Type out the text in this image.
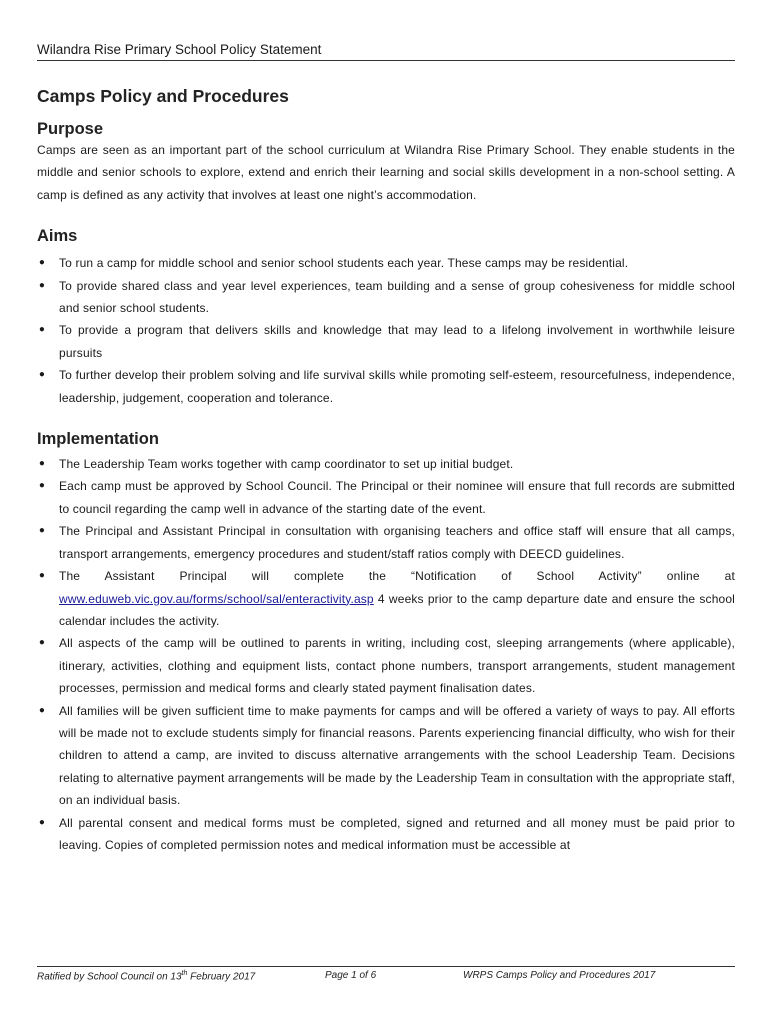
Wilandra Rise Primary School Policy Statement
Camps Policy and Procedures
Purpose

Camps are seen as an important part of the school curriculum at Wilandra Rise Primary School. They enable students in the middle and senior schools to explore, extend and enrich their learning and social skills development in a non-school setting. A camp is defined as any activity that involves at least one night’s accommodation.

Aims
● To run a camp for middle school and senior school students each year. These camps may be residential.
● To provide shared class and year level experiences, team building and a sense of group cohesiveness for middle school and senior school students.
● To provide a program that delivers skills and knowledge that may lead to a lifelong involvement in worthwhile leisure pursuits
● To further develop their problem solving and life survival skills while promoting self-esteem, resourcefulness, independence, leadership, judgement, cooperation and tolerance.
Implementation
● The Leadership Team works together with camp coordinator to set up initial budget.
● Each camp must be approved by School Council. The Principal or their nominee will ensure that full records are submitted to council regarding the camp well in advance of the starting date of the event.
● The Principal and Assistant Principal in consultation with organising teachers and office staff will ensure that all camps, transport arrangements, emergency procedures and student/staff ratios comply with DEECD guidelines.
● The Assistant Principal will complete the “Notification of School Activity” online at www.eduweb.vic.gov.au/forms/school/sal/enteractivity.asp 4 weeks prior to the camp departure date and ensure the school calendar includes the activity.
● All aspects of the camp will be outlined to parents in writing, including cost, sleeping arrangements (where applicable), itinerary, activities, clothing and equipment lists, contact phone numbers, transport arrangements, student management processes, permission and medical forms and clearly stated payment finalisation dates.
● All families will be given sufficient time to make payments for camps and will be offered a variety of ways to pay. All efforts will be made not to exclude students simply for financial reasons. Parents experiencing financial difficulty, who wish for their children to attend a camp, are invited to discuss alternative arrangements with the school Leadership Team. Decisions relating to alternative payment arrangements will be made by the Leadership Team in consultation with the appropriate staff, on an individual basis.
● All parental consent and medical forms must be completed, signed and returned and all money must be paid prior to leaving. Copies of completed permission notes and medical information must be accessible at
Ratified by School Council on 13th February 2017	Page 1 of 6	WRPS Camps Policy and Procedures 2017
